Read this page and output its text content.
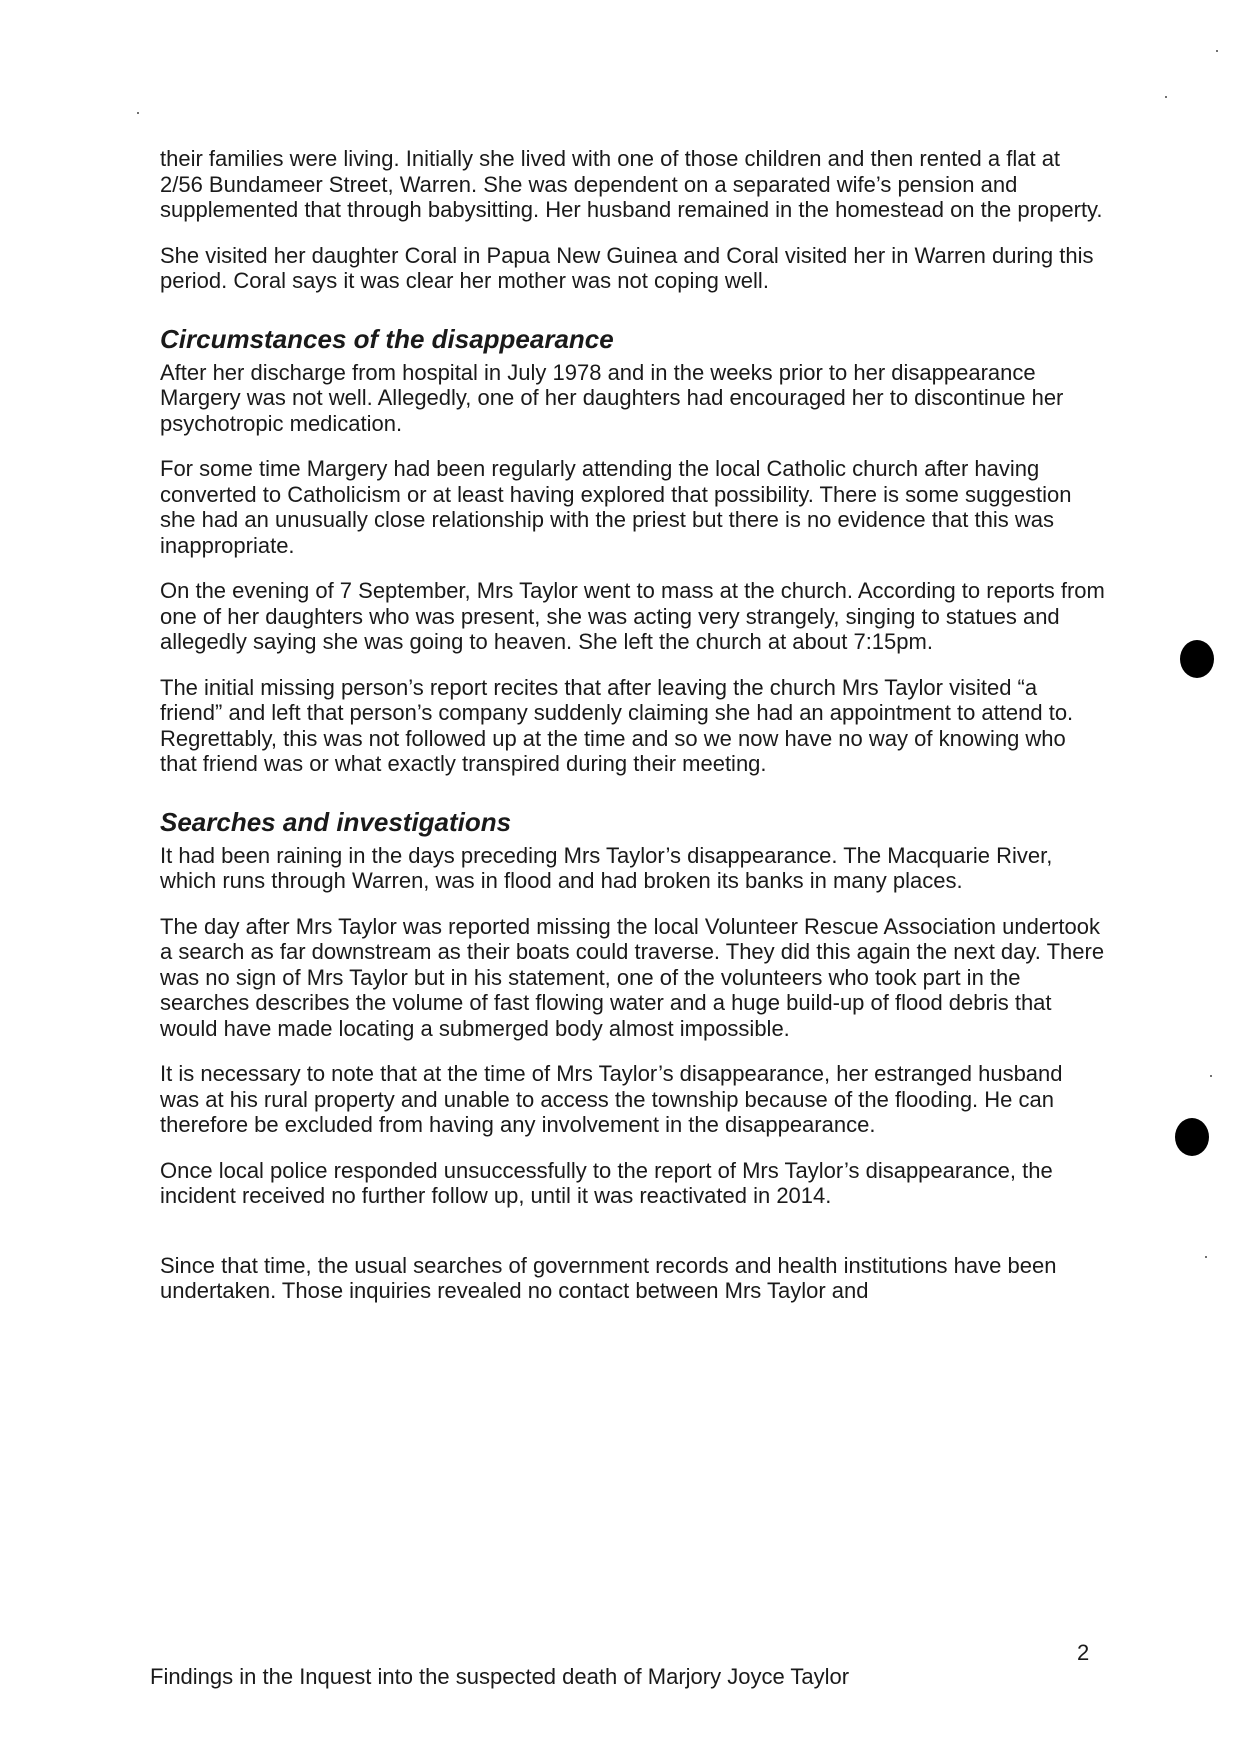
their families were living. Initially she lived with one of those children and then rented a flat at 2/56 Bundameer Street, Warren. She was dependent on a separated wife’s pension and supplemented that through babysitting. Her husband remained in the homestead on the property.

She visited her daughter Coral in Papua New Guinea and Coral visited her in Warren during this period. Coral says it was clear her mother was not coping well.

Circumstances of the disappearance

After her discharge from hospital in July 1978 and in the weeks prior to her disappearance Margery was not well. Allegedly, one of her daughters had encouraged her to discontinue her psychotropic medication.

For some time Margery had been regularly attending the local Catholic church after having converted to Catholicism or at least having explored that possibility. There is some suggestion she had an unusually close relationship with the priest but there is no evidence that this was inappropriate.

On the evening of 7 September, Mrs Taylor went to mass at the church. According to reports from one of her daughters who was present, she was acting very strangely, singing to statues and allegedly saying she was going to heaven. She left the church at about 7:15pm.

The initial missing person’s report recites that after leaving the church Mrs Taylor visited “a friend” and left that person’s company suddenly claiming she had an appointment to attend to. Regrettably, this was not followed up at the time and so we now have no way of knowing who that friend was or what exactly transpired during their meeting.

Searches and investigations

It had been raining in the days preceding Mrs Taylor’s disappearance. The Macquarie River, which runs through Warren, was in flood and had broken its banks in many places.

The day after Mrs Taylor was reported missing the local Volunteer Rescue Association undertook a search as far downstream as their boats could traverse. They did this again the next day. There was no sign of Mrs Taylor but in his statement, one of the volunteers who took part in the searches describes the volume of fast flowing water and a huge build-up of flood debris that would have made locating a submerged body almost impossible.

It is necessary to note that at the time of Mrs Taylor’s disappearance, her estranged husband was at his rural property and unable to access the township because of the flooding. He can therefore be excluded from having any involvement in the disappearance.

Once local police responded unsuccessfully to the report of Mrs Taylor’s disappearance, the incident received no further follow up, until it was reactivated in 2014.

Since that time, the usual searches of government records and health institutions have been undertaken. Those inquiries revealed no contact between Mrs Taylor and

2
Findings in the Inquest into the suspected death of Marjory Joyce Taylor
